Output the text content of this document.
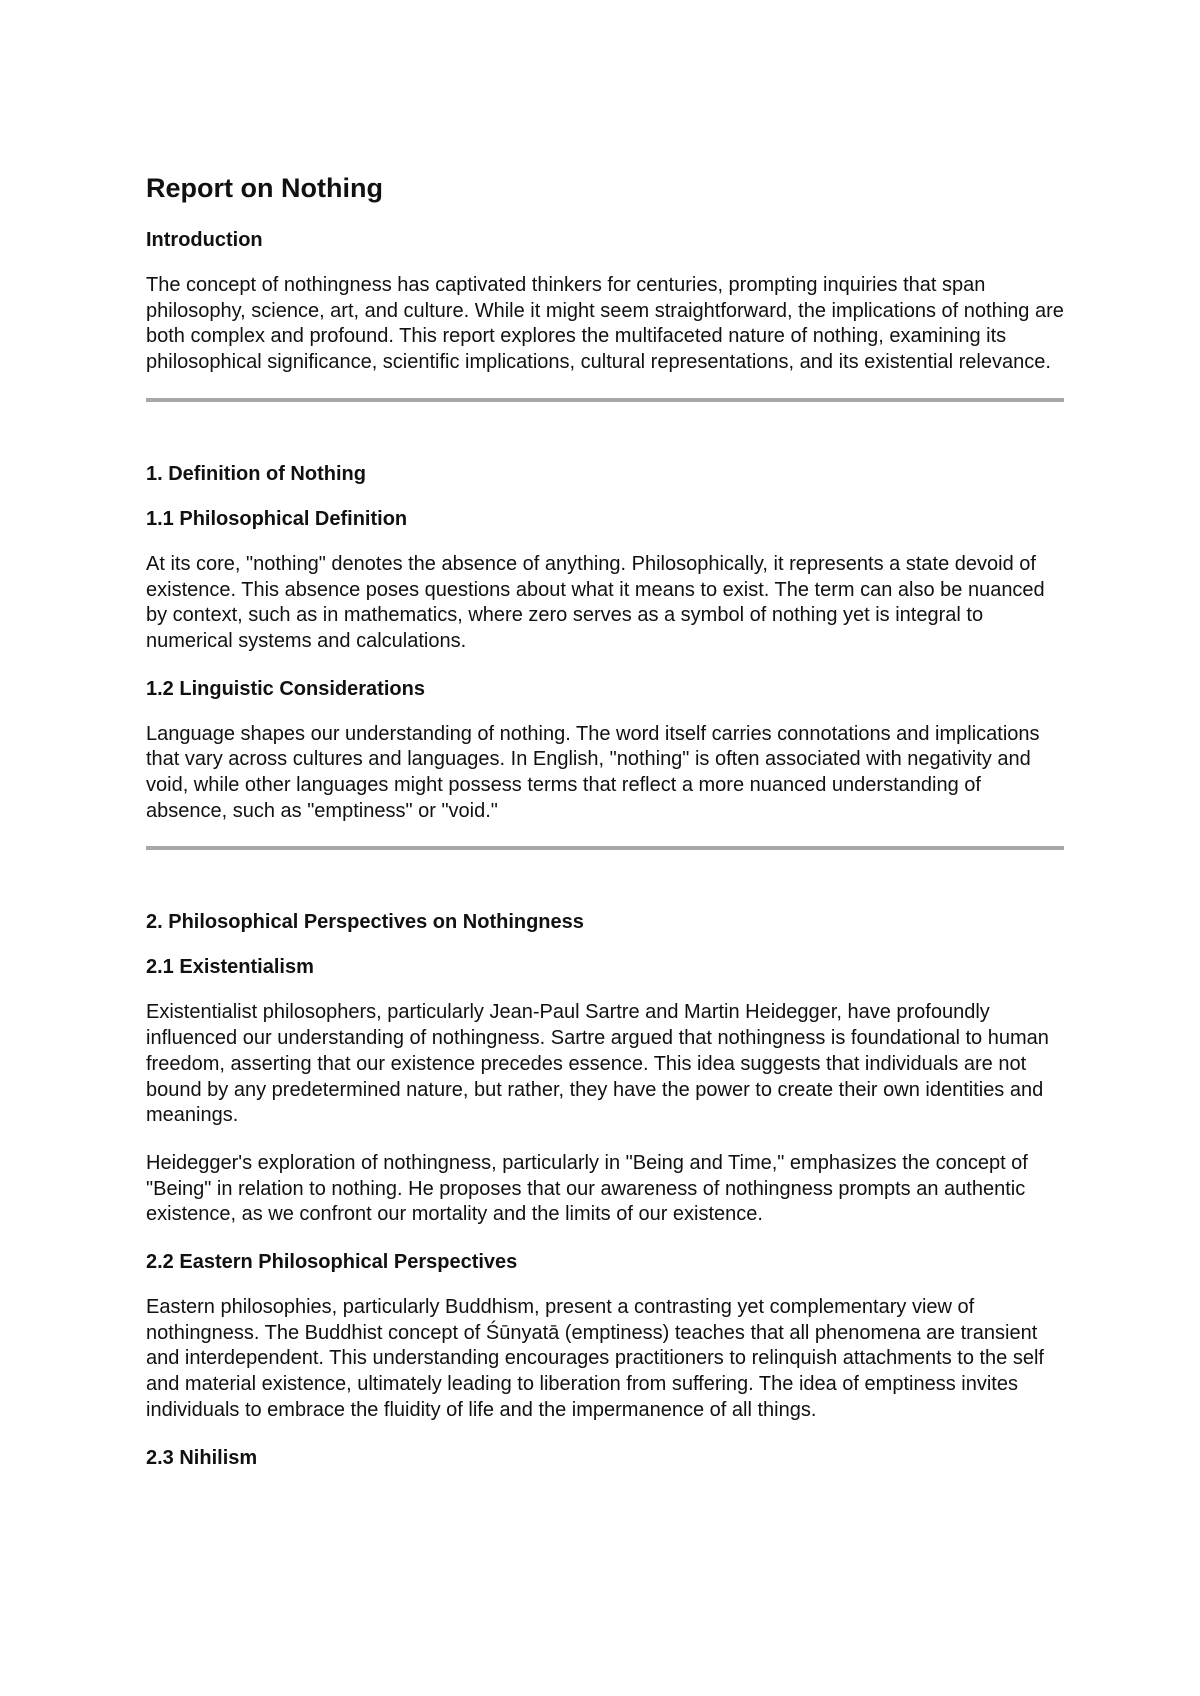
Report on Nothing
Introduction

The concept of nothingness has captivated thinkers for centuries, prompting inquiries that span philosophy, science, art, and culture. While it might seem straightforward, the implications of nothing are both complex and profound. This report explores the multifaceted nature of nothing, examining its philosophical significance, scientific implications, cultural representations, and its existential relevance.

1. Definition of Nothing
1.1 Philosophical Definition

At its core, "nothing" denotes the absence of anything. Philosophically, it represents a state devoid of existence. This absence poses questions about what it means to exist. The term can also be nuanced by context, such as in mathematics, where zero serves as a symbol of nothing yet is integral to numerical systems and calculations.

1.2 Linguistic Considerations

Language shapes our understanding of nothing. The word itself carries connotations and implications that vary across cultures and languages. In English, "nothing" is often associated with negativity and void, while other languages might possess terms that reflect a more nuanced understanding of absence, such as "emptiness" or "void."

2. Philosophical Perspectives on Nothingness
2.1 Existentialism

Existentialist philosophers, particularly Jean-Paul Sartre and Martin Heidegger, have profoundly influenced our understanding of nothingness. Sartre argued that nothingness is foundational to human freedom, asserting that our existence precedes essence. This idea suggests that individuals are not bound by any predetermined nature, but rather, they have the power to create their own identities and meanings.

Heidegger's exploration of nothingness, particularly in "Being and Time," emphasizes the concept of "Being" in relation to nothing. He proposes that our awareness of nothingness prompts an authentic existence, as we confront our mortality and the limits of our existence.

2.2 Eastern Philosophical Perspectives

Eastern philosophies, particularly Buddhism, present a contrasting yet complementary view of nothingness. The Buddhist concept of Śūnyatā (emptiness) teaches that all phenomena are transient and interdependent. This understanding encourages practitioners to relinquish attachments to the self and material existence, ultimately leading to liberation from suffering. The idea of emptiness invites individuals to embrace the fluidity of life and the impermanence of all things.

2.3 Nihilism
